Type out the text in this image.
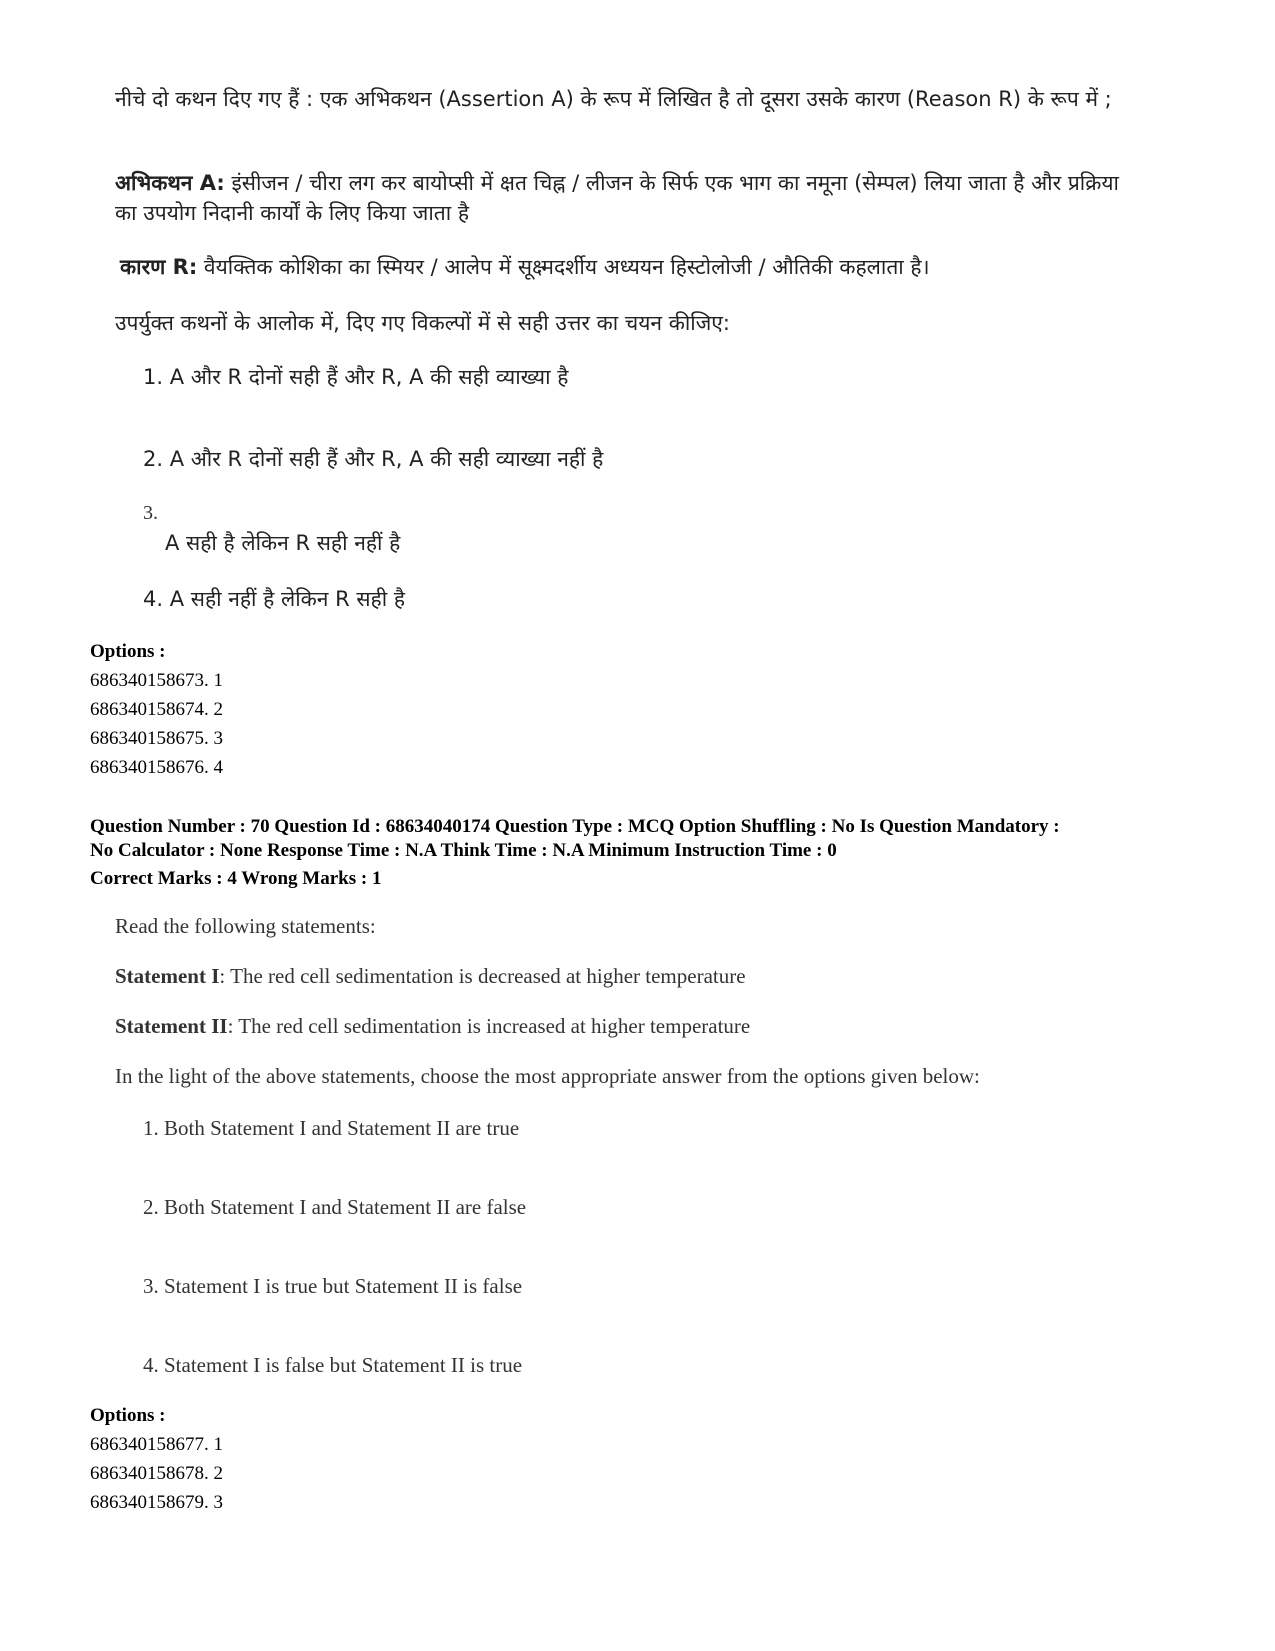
नीचे दो कथन दिए गए हैं : एक अभिकथन (Assertion A) के रूप में लिखित है तो दूसरा उसके कारण (Reason R) के रूप में ;
अभिकथन A: इंसीजन / चीरा लग कर बायोप्सी में क्षत चिह्न / लीजन के सिर्फ एक भाग का नमूना (सेम्पल) लिया जाता है और प्रक्रिया का उपयोग निदानी कार्यों के लिए किया जाता है
कारण R: वैयक्तिक कोशिका का स्मियर / आलेप में सूक्ष्मदर्शीय अध्ययन हिस्टोलोजी / औतिकी कहलाता है।
उपर्युक्त कथनों के आलोक में, दिए गए विकल्पों में से सही उत्तर का चयन कीजिए:
1. A और R दोनों सही हैं और R, A की सही व्याख्या है
2. A और R दोनों सही हैं और R, A की सही व्याख्या नहीं है
3.
A सही है लेकिन R सही नहीं है
4. A सही नहीं है लेकिन R सही है
Options :
686340158673. 1
686340158674. 2
686340158675. 3
686340158676. 4
Question Number : 70 Question Id : 68634040174 Question Type : MCQ Option Shuffling : No Is Question Mandatory :
No Calculator : None Response Time : N.A Think Time : N.A Minimum Instruction Time : 0
Correct Marks : 4 Wrong Marks : 1
Read the following statements:
Statement I: The red cell sedimentation is decreased at higher temperature
Statement II: The red cell sedimentation is increased at higher temperature
In the light of the above statements, choose the most appropriate answer from the options given below:
1. Both Statement I and Statement II are true
2. Both Statement I and Statement II are false
3. Statement I is true but Statement II is false
4. Statement I is false but Statement II is true
Options :
686340158677. 1
686340158678. 2
686340158679. 3
